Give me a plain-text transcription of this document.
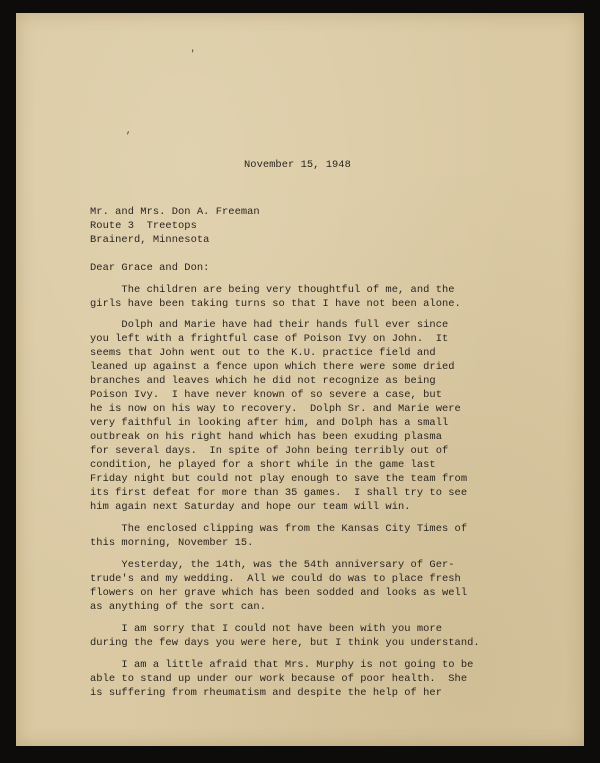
'
,
November 15, 1948
Mr. and Mrs. Don A. Freeman
Route 3  Treetops
Brainerd, Minnesota
Dear Grace and Don:
The children are being very thoughtful of me, and the
girls have been taking turns so that I have not been alone.
Dolph and Marie have had their hands full ever since
you left with a frightful case of Poison Ivy on John.  It
seems that John went out to the K.U. practice field and
leaned up against a fence upon which there were some dried
branches and leaves which he did not recognize as being
Poison Ivy.  I have never known of so severe a case, but
he is now on his way to recovery.  Dolph Sr. and Marie were
very faithful in looking after him, and Dolph has a small
outbreak on his right hand which has been exuding plasma
for several days.  In spite of John being terribly out of
condition, he played for a short while in the game last
Friday night but could not play enough to save the team from
its first defeat for more than 35 games.  I shall try to see
him again next Saturday and hope our team will win.
The enclosed clipping was from the Kansas City Times of
this morning, November 15.
Yesterday, the 14th, was the 54th anniversary of Ger-
trude's and my wedding.  All we could do was to place fresh
flowers on her grave which has been sodded and looks as well
as anything of the sort can.
I am sorry that I could not have been with you more
during the few days you were here, but I think you understand.
I am a little afraid that Mrs. Murphy is not going to be
able to stand up under our work because of poor health.  She
is suffering from rheumatism and despite the help of her
